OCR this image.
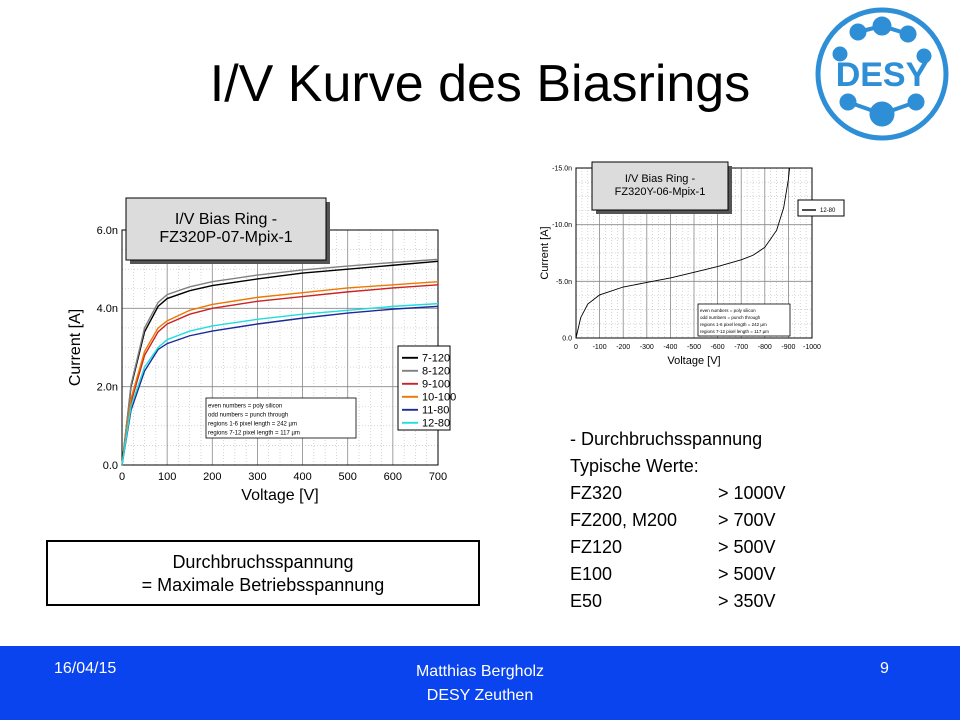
I/V Kurve des Biasrings	DESY
0	100 200 300 400 500 600 700
0.0
2.0n
4.0n
6.0n
Voltage [V]
Current [A]
I/V Bias Ring -
FZ320P-07-Mpix-1
7-120
8-120
9-100
10-100
11-80
12-80
even numbers = poly silicon
odd numbers = punch through
regions 1-6 pixel length = 242 µm
regions 7-12 pixel length = 117 µm
0 -100 -200 -300 -400 -500 -600 -700 -800 -900 -1000
0.0
-5.0n
-10.0n
-15.0n
Voltage [V]
Current [A]
I/V Bias Ring -
FZ320Y-06-Mpix-1
12-80
even numbers = poly silicon
odd numbers = punch through
regions 1-6 pixel length = 242 µm
regions 7-12 pixel length = 117 µm
Durchbruchsspannung
= Maximale Betriebsspannung
- Durchbruchsspannung
Typische Werte:
FZ320	> 1000V
FZ200, M200	> 700V
FZ120	> 500V
E100	> 500V
E50	> 350V
16/04/15	Matthias Bergholz
DESY Zeuthen
9
